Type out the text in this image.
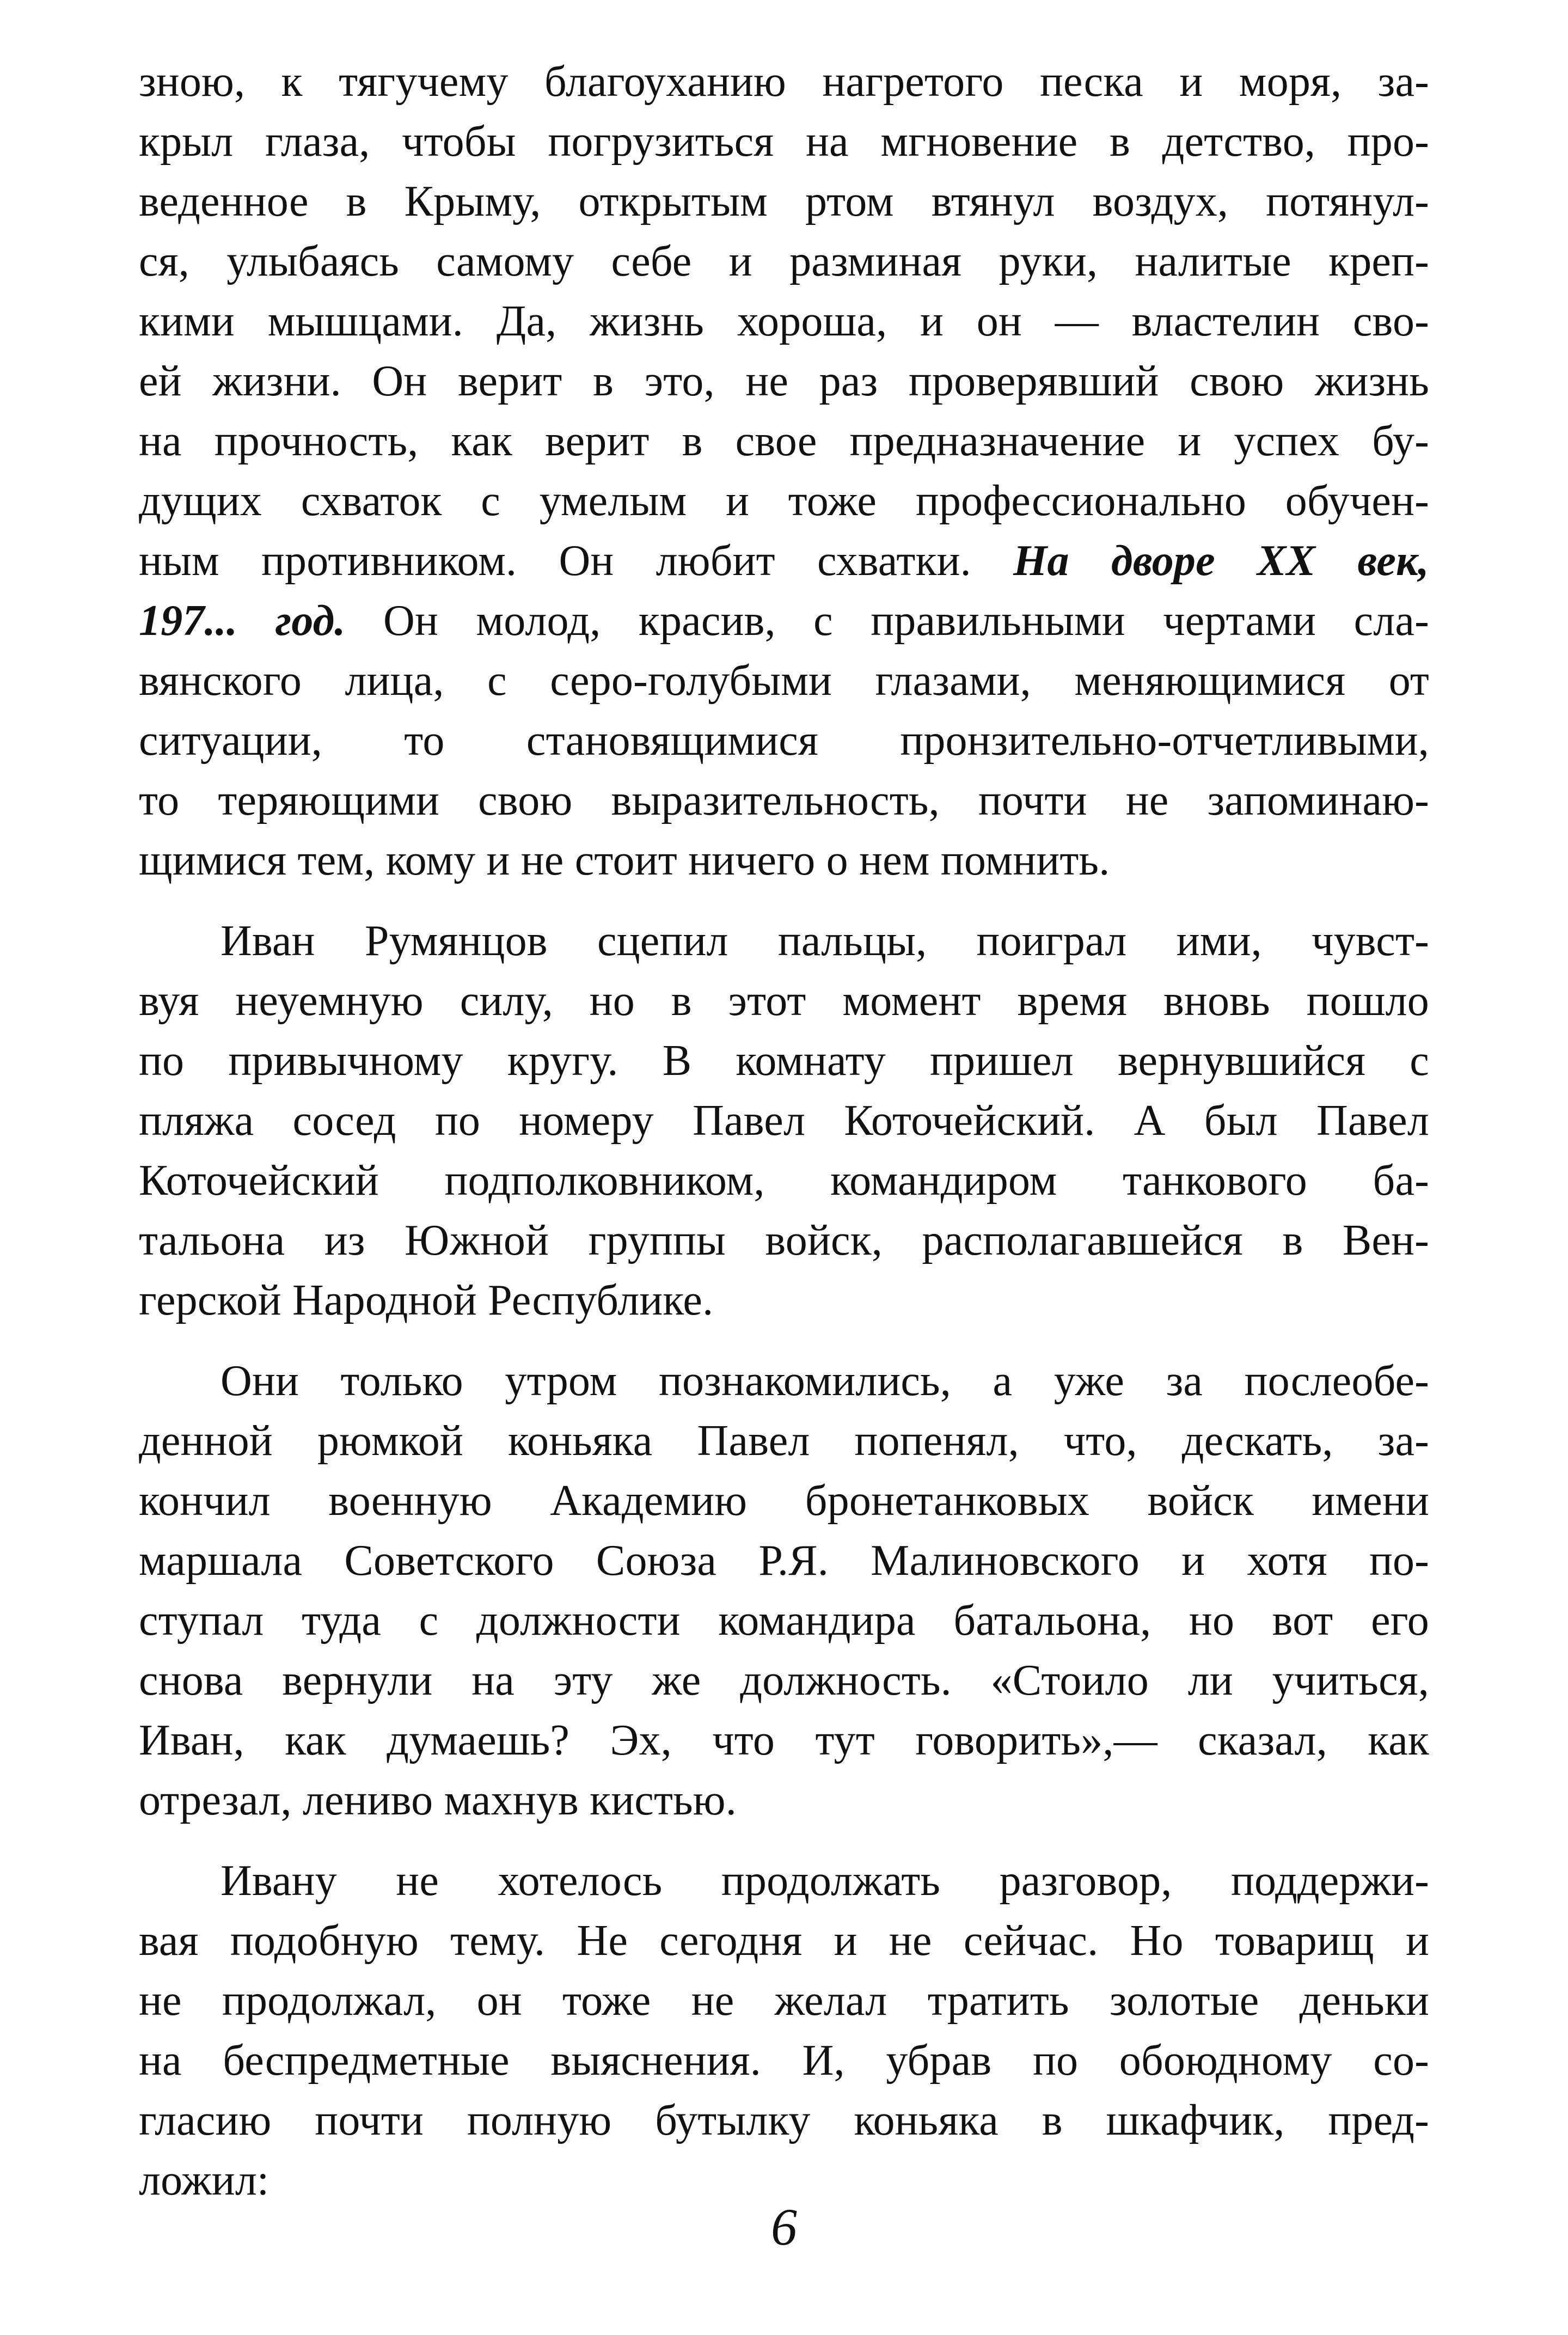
зною, к тягучему благоуханию нагретого песка и моря, за-
крыл глаза, чтобы погрузиться на мгновение в детство, про-
веденное в Крыму, открытым ртом втянул воздух, потянул-
ся, улыбаясь самому себе и разминая руки, налитые креп-
кими мышцами. Да, жизнь хороша, и он — властелин сво-
ей жизни. Он верит в это, не раз проверявший свою жизнь
на прочность, как верит в свое предназначение и успех бу-
дущих схваток с умелым и тоже профессионально обучен-
ным противником. Он любит схватки. На дворе XX век,
197... год. Он молод, красив, с правильными чертами сла-
вянского лица, с серо-голубыми глазами, меняющимися от
ситуации, то становящимися пронзительно-отчетливыми,
то теряющими свою выразительность, почти не запоминаю-
щимися тем, кому и не стоит ничего о нем помнить.

Иван Румянцов сцепил пальцы, поиграл ими, чувст-
вуя неуемную силу, но в этот момент время вновь пошло
по привычному кругу. В комнату пришел вернувшийся с
пляжа сосед по номеру Павел Коточейский. А был Павел
Коточейский подполковником, командиром танкового ба-
тальона из Южной группы войск, располагавшейся в Вен-
герской Народной Республике.

Они только утром познакомились, а уже за послеобе-
денной рюмкой коньяка Павел попенял, что, дескать, за-
кончил военную Академию бронетанковых войск имени
маршала Советского Союза Р.Я. Малиновского и хотя по-
ступал туда с должности командира батальона, но вот его
снова вернули на эту же должность. «Стоило ли учиться,
Иван, как думаешь? Эх, что тут говорить»,— сказал, как
отрезал, лениво махнув кистью.

Ивану не хотелось продолжать разговор, поддержи-
вая подобную тему. Не сегодня и не сейчас. Но товарищ и
не продолжал, он тоже не желал тратить золотые деньки
на беспредметные выяснения. И, убрав по обоюдному со-
гласию почти полную бутылку коньяка в шкафчик, пред-
ложил:

6
